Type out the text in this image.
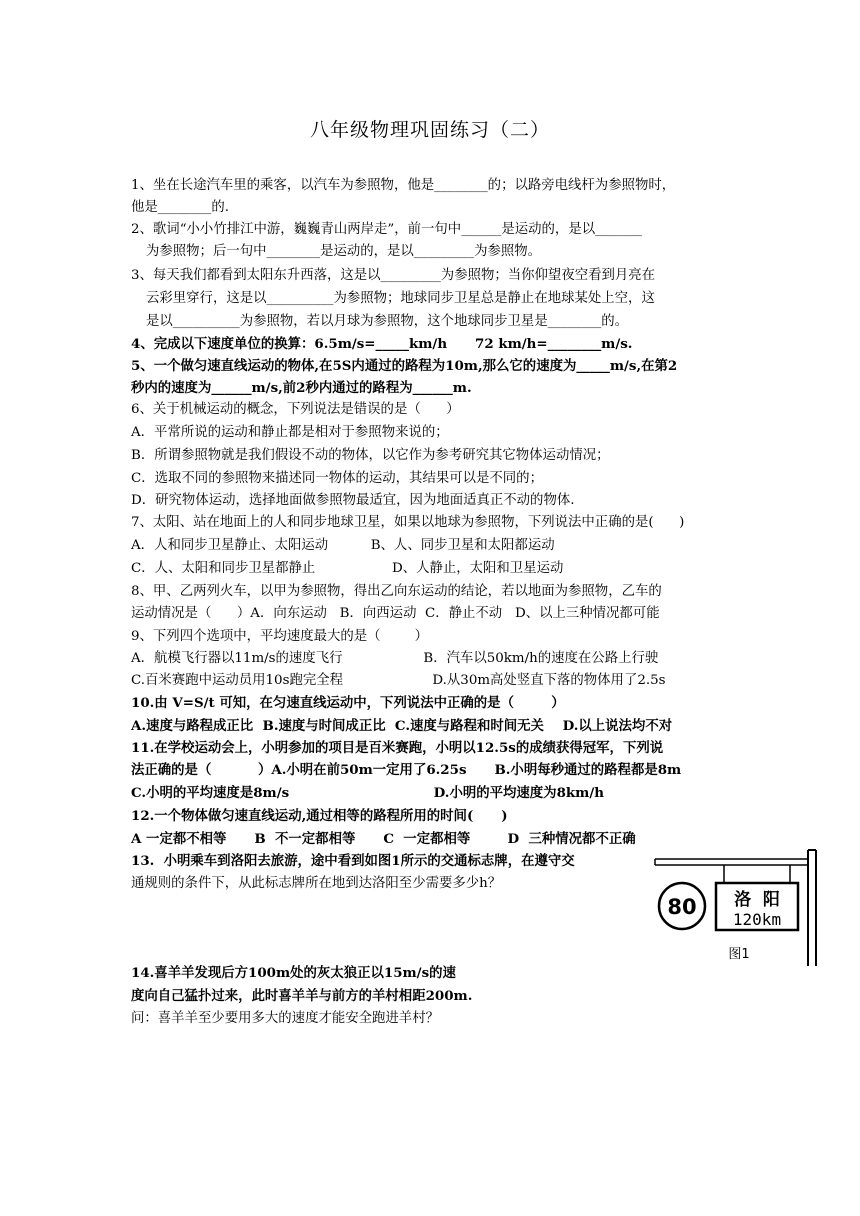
八年级物理巩固练习（二）
1、坐在长途汽车里的乘客，以汽车为参照物，他是________的；以路旁电线杆为参照物时，
他是________的.
2、歌词“小小竹排江中游，巍巍青山两岸走”，前一句中______是运动的，是以_______
为参照物；后一句中________是运动的，是以_________为参照物。
3、每天我们都看到太阳东升西落，这是以_________为参照物；当你仰望夜空看到月亮在
云彩里穿行，这是以__________为参照物；地球同步卫星总是静止在地球某处上空，这
是以__________为参照物，若以月球为参照物，这个地球同步卫星是________的。
4、完成以下速度单位的换算：6.5m/s=_____km/h      72 km/h=________m/s.
5、一个做匀速直线运动的物体,在5S内通过的路程为10m,那么它的速度为_____m/s,在第2
秒内的速度为______m/s,前2秒内通过的路程为______m.
6、关于机械运动的概念，下列说法是错误的是（      ）
A．平常所说的运动和静止都是相对于参照物来说的；
B．所谓参照物就是我们假设不动的物体，以它作为参考研究其它物体运动情况；
C．选取不同的参照物来描述同一物体的运动，其结果可以是不同的；
D．研究物体运动，选择地面做参照物最适宜，因为地面适真正不动的物体.
7、太阳、站在地面上的人和同步地球卫星，如果以地球为参照物，下列说法中正确的是(      )
A．人和同步卫星静止、太阳运动          B、人、同步卫星和太阳都运动
C．人、太阳和同步卫星都静止                  D、人静止，太阳和卫星运动
8、甲、乙两列火车，以甲为参照物，得出乙向东运动的结论，若以地面为参照物，乙车的
运动情况是（      ）A．向东运动   B．向西运动  C．静止不动   D、以上三种情况都可能
9、下列四个选项中，平均速度最大的是（        ）
A．航模飞行器以11m/s的速度飞行                   B．汽车以50km/h的速度在公路上行驶
C.百米赛跑中运动员用10s跑完全程                     D.从30m高处竖直下落的物体用了2.5s
10.由 V=S/t 可知，在匀速直线运动中，下列说法中正确的是（        ）
A.速度与路程成正比  B.速度与时间成正比  C.速度与路程和时间无关    D.以上说法均不对
11.在学校运动会上，小明参加的项目是百米赛跑，小明以12.5s的成绩获得冠军，下列说
法正确的是（          ）A.小明在前50m一定用了6.25s      B.小明每秒通过的路程都是8m
C.小明的平均速度是8m/s                               D.小明的平均速度为8km/h
12.一个物体做匀速直线运动,通过相等的路程所用的时间(      )
A 一定都不相等      B  不一定都相等      C  一定都相等        D  三种情况都不正确
13.  小明乘车到洛阳去旅游，途中看到如图1所示的交通标志牌，在遵守交
通规则的条件下，从此标志牌所在地到达洛阳至少需要多少h？
14.喜羊羊发现后方100m处的灰太狼正以15m/s的速
度向自己猛扑过来，此时喜羊羊与前方的羊村相距200m.
问：喜羊羊至少要用多大的速度才能安全跑进羊村？
80 洛  阳
120km
图1
